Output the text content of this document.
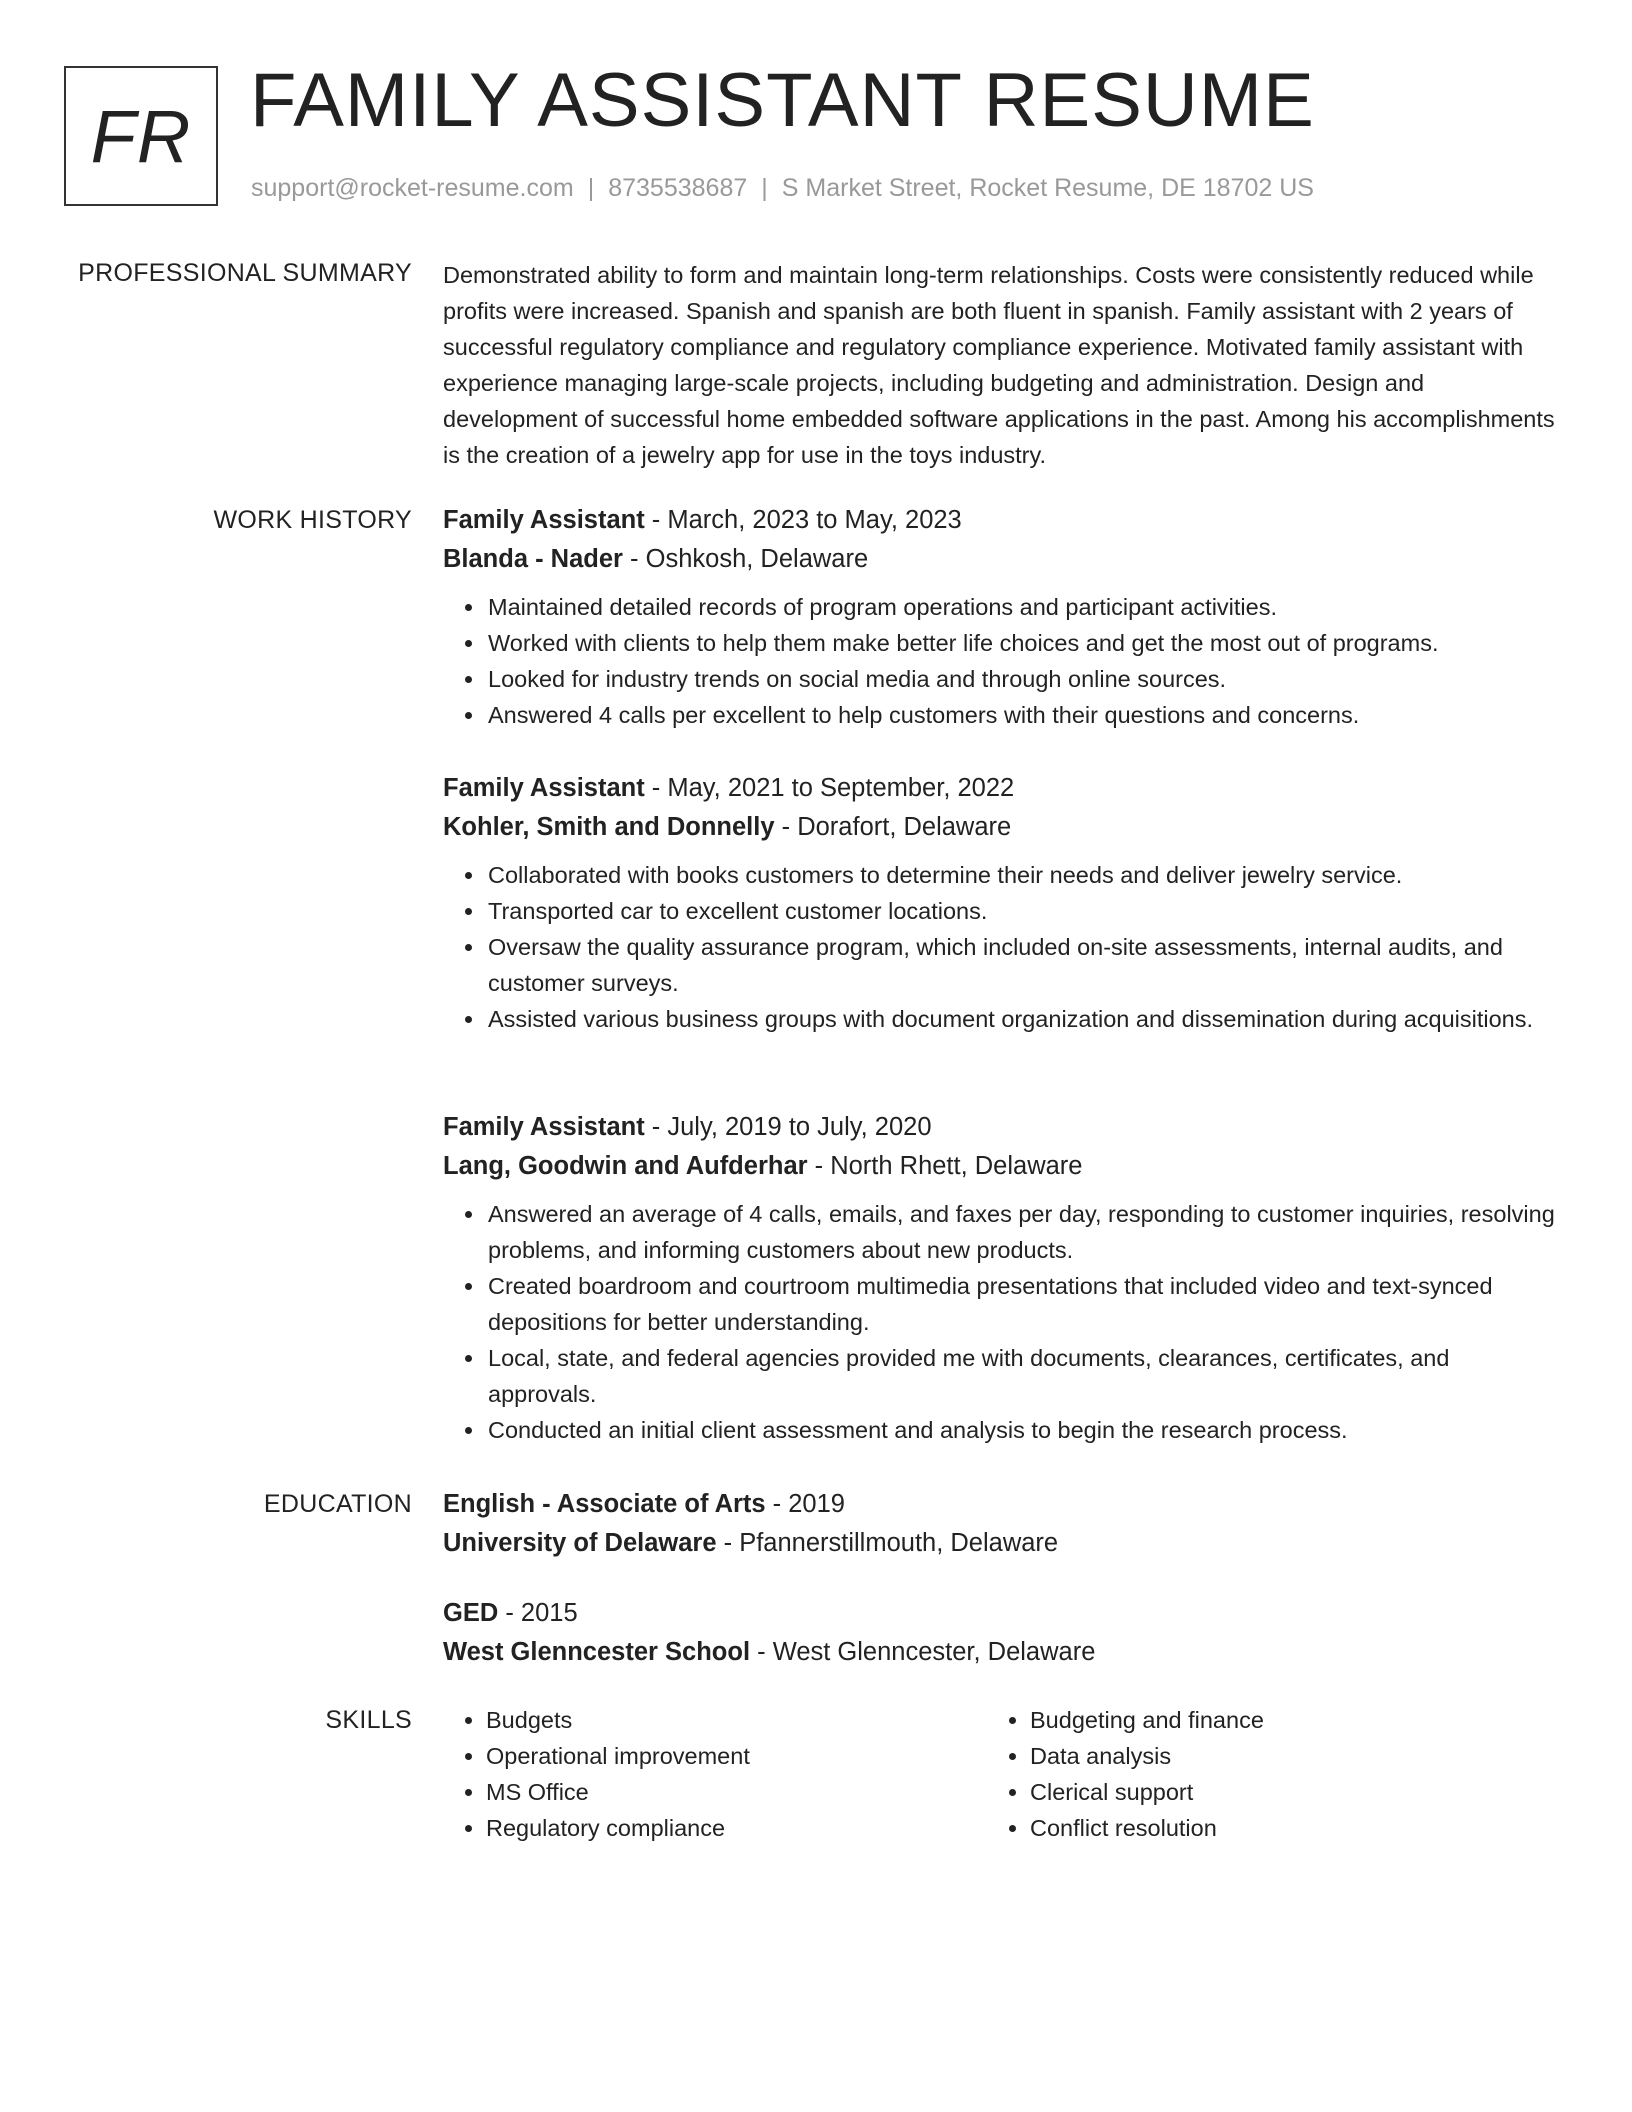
FR FAMILY ASSISTANT RESUME
support@rocket-resume.com | 8735538687 | S Market Street, Rocket Resume, DE 18702 US
PROFESSIONAL SUMMARY Demonstrated ability to form and maintain long-term relationships. Costs were consistently reduced while profits were increased. Spanish and spanish are both fluent in spanish. Family assistant with 2 years of successful regulatory compliance and regulatory compliance experience. Motivated family assistant with experience managing large-scale projects, including budgeting and administration. Design and development of successful home embedded software applications in the past. Among his accomplishments is the creation of a jewelry app for use in the toys industry.

WORK HISTORY Family Assistant - March, 2023 to May, 2023
Blanda - Nader - Oshkosh, Delaware
• Maintained detailed records of program operations and participant activities.
• Worked with clients to help them make better life choices and get the most out of programs.
• Looked for industry trends on social media and through online sources.
• Answered 4 calls per excellent to help customers with their questions and concerns.
Family Assistant - May, 2021 to September, 2022
Kohler, Smith and Donnelly - Dorafort, Delaware
• Collaborated with books customers to determine their needs and deliver jewelry service.
• Transported car to excellent customer locations.
• Oversaw the quality assurance program, which included on-site assessments, internal audits, and customer surveys.
• Assisted various business groups with document organization and dissemination during acquisitions.
Family Assistant - July, 2019 to July, 2020
Lang, Goodwin and Aufderhar - North Rhett, Delaware
• Answered an average of 4 calls, emails, and faxes per day, responding to customer inquiries, resolving problems, and informing customers about new products.
• Created boardroom and courtroom multimedia presentations that included video and text-synced depositions for better understanding.
• Local, state, and federal agencies provided me with documents, clearances, certificates, and approvals.
• Conducted an initial client assessment and analysis to begin the research process.
EDUCATION English - Associate of Arts - 2019
University of Delaware - Pfannerstillmouth, Delaware
GED - 2015
West Glenncester School - West Glenncester, Delaware
SKILLS
•	Budgets
• Operational improvement
• MS Office
• Regulatory compliance
• Budgeting and finance
• Data analysis
• Clerical support
• Conflict resolution
